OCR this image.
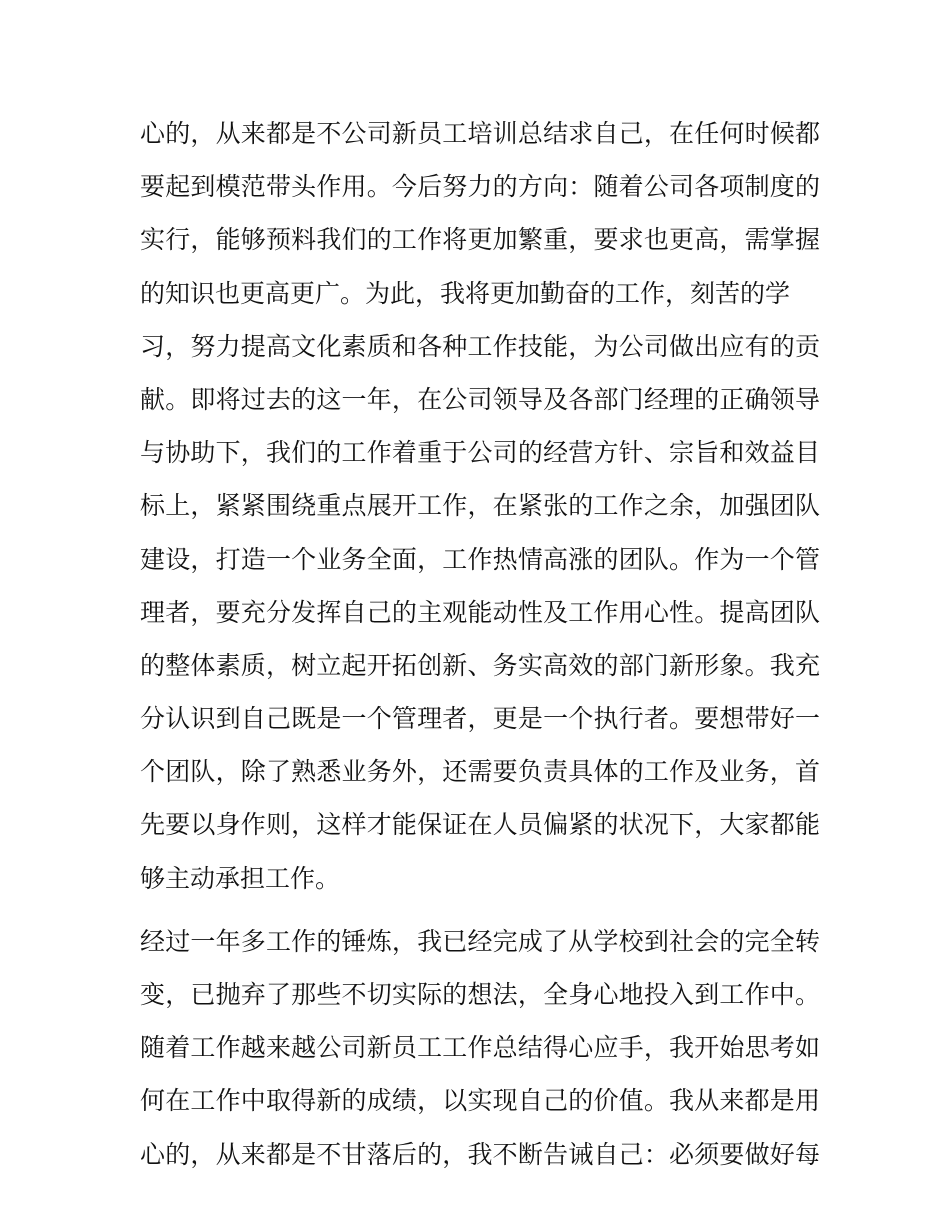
心的，从来都是不公司新员工培训总结求自己，在任何时候都
要起到模范带头作用。今后努力的方向：随着公司各项制度的
实行，能够预料我们的工作将更加繁重，要求也更高，需掌握
的知识也更高更广。为此，我将更加勤奋的工作，刻苦的学
习，努力提高文化素质和各种工作技能，为公司做出应有的贡
献。即将过去的这一年，在公司领导及各部门经理的正确领导
与协助下，我们的工作着重于公司的经营方针、宗旨和效益目
标上，紧紧围绕重点展开工作，在紧张的工作之余，加强团队
建设，打造一个业务全面，工作热情高涨的团队。作为一个管
理者，要充分发挥自己的主观能动性及工作用心性。提高团队
的整体素质，树立起开拓创新、务实高效的部门新形象。我充
分认识到自己既是一个管理者，更是一个执行者。要想带好一
个团队，除了熟悉业务外，还需要负责具体的工作及业务，首
先要以身作则，这样才能保证在人员偏紧的状况下，大家都能
够主动承担工作。
经过一年多工作的锤炼，我已经完成了从学校到社会的完全转
变，已抛弃了那些不切实际的想法，全身心地投入到工作中。
随着工作越来越公司新员工工作总结得心应手，我开始思考如
何在工作中取得新的成绩，以实现自己的价值。我从来都是用
心的，从来都是不甘落后的，我不断告诫自己：必须要做好每
